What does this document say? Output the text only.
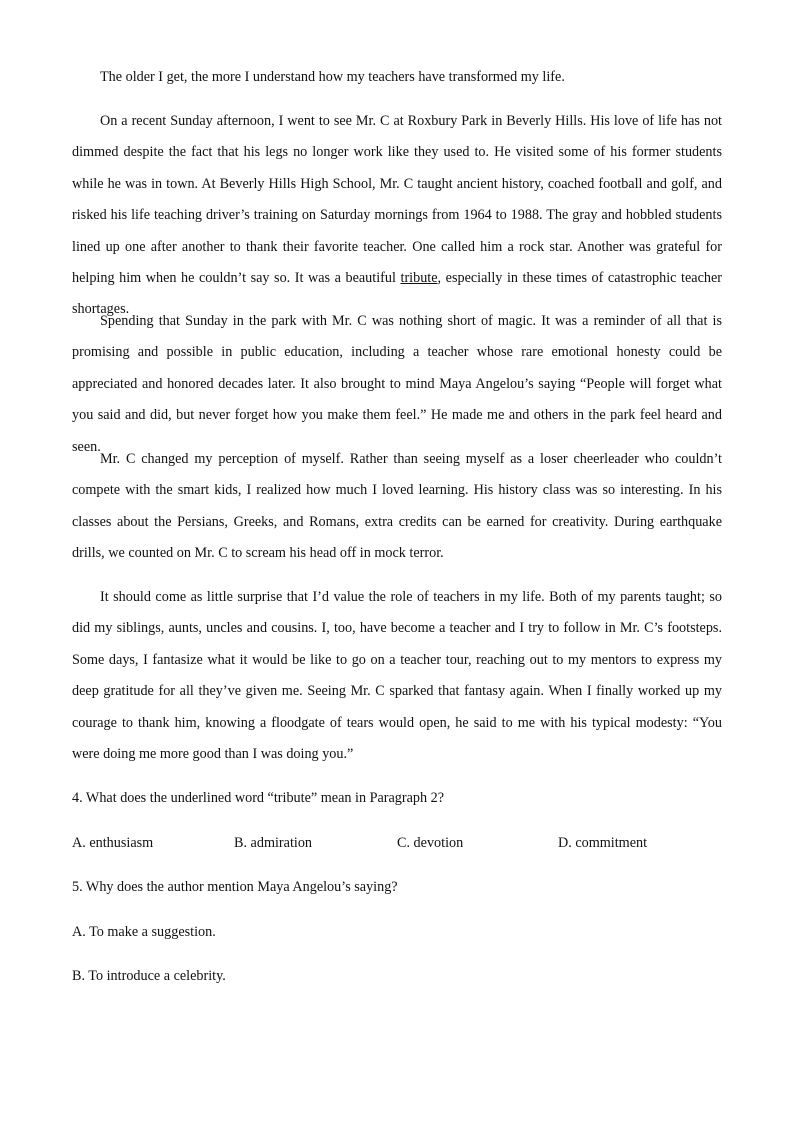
The older I get, the more I understand how my teachers have transformed my life.

On a recent Sunday afternoon, I went to see Mr. C at Roxbury Park in Beverly Hills. His love of life has not dimmed despite the fact that his legs no longer work like they used to. He visited some of his former students while he was in town. At Beverly Hills High School, Mr. C taught ancient history, coached football and golf, and risked his life teaching driver’s training on Saturday mornings from 1964 to 1988. The gray and hobbled students lined up one after another to thank their favorite teacher. One called him a rock star. Another was grateful for helping him when he couldn’t say so. It was a beautiful tribute, especially in these times of catastrophic teacher shortages.

Spending that Sunday in the park with Mr. C was nothing short of magic. It was a reminder of all that is promising and possible in public education, including a teacher whose rare emotional honesty could be appreciated and honored decades later. It also brought to mind Maya Angelou’s saying “People will forget what you said and did, but never forget how you make them feel.” He made me and others in the park feel heard and seen.

Mr. C changed my perception of myself. Rather than seeing myself as a loser cheerleader who couldn’t compete with the smart kids, I realized how much I loved learning. His history class was so interesting. In his classes about the Persians, Greeks, and Romans, extra credits can be earned for creativity. During earthquake drills, we counted on Mr. C to scream his head off in mock terror.

It should come as little surprise that I’d value the role of teachers in my life. Both of my parents taught; so did my siblings, aunts, uncles and cousins. I, too, have become a teacher and I try to follow in Mr. C’s footsteps. Some days, I fantasize what it would be like to go on a teacher tour, reaching out to my mentors to express my deep gratitude for all they’ve given me. Seeing Mr. C sparked that fantasy again. When I finally worked up my courage to thank him, knowing a floodgate of tears would open, he said to me with his typical modesty: “You were doing me more good than I was doing you.”

4. What does the underlined word “tribute” mean in Paragraph 2?

A. enthusiasm	B. admiration	C. devotion	D. commitment

5. Why does the author mention Maya Angelou’s saying?

A. To make a suggestion.

B. To introduce a celebrity.
